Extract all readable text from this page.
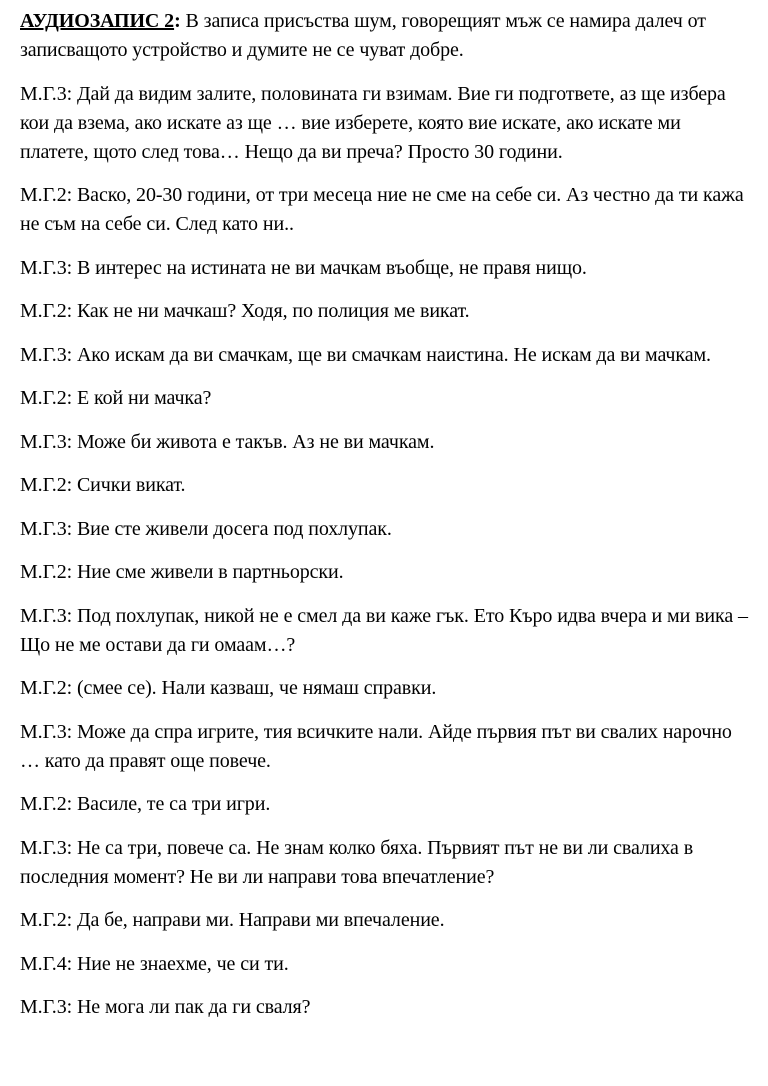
АУДИОЗАПИС 2: В записа присъства шум, говорещият мъж се намира далеч от записващото устройство и думите не се чуват добре.

М.Г.3: Дай да видим залите, половината ги взимам. Вие ги подгответе, аз ще избера кои да взема, ако искате аз ще … вие изберете, която вие искате, ако искате ми платете, щото след това… Нещо да ви преча? Просто 30 години.

М.Г.2: Васко, 20-30 години, от три месеца ние не сме на себе си. Аз честно да ти кажа не съм на себе си. След като ни..

М.Г.3: В интерес на истината не ви мачкам въобще, не правя нищо.

М.Г.2: Как не ни мачкаш? Ходя, по полиция ме викат.

М.Г.3: Ако искам да ви смачкам, ще ви смачкам наистина. Не искам да ви мачкам.

М.Г.2: Е кой ни мачка?

М.Г.3: Може би живота е такъв. Аз не ви мачкам.

М.Г.2: Сички викат.

М.Г.3: Вие сте живели досега под похлупак.

М.Г.2: Ние сме живели в партньорски.

М.Г.3: Под похлупак, никой не е смел да ви каже гък. Ето Къро идва вчера и ми вика – Що не ме остави да ги омаам…?

М.Г.2: (смее се). Нали казваш, че нямаш справки.

М.Г.3: Може да спра игрите, тия всичките нали. Айде първия път ви свалих нарочно … като да правят още повече.

М.Г.2: Василе, те са три игри.

М.Г.3: Не са три, повече са. Не знам колко бяха. Първият път не ви ли свалиха в последния момент? Не ви ли направи това впечатление?

М.Г.2: Да бе, направи ми. Направи ми впечаление.

М.Г.4: Ние не знаехме, че си ти.

М.Г.3: Не мога ли пак да ги сваля?
